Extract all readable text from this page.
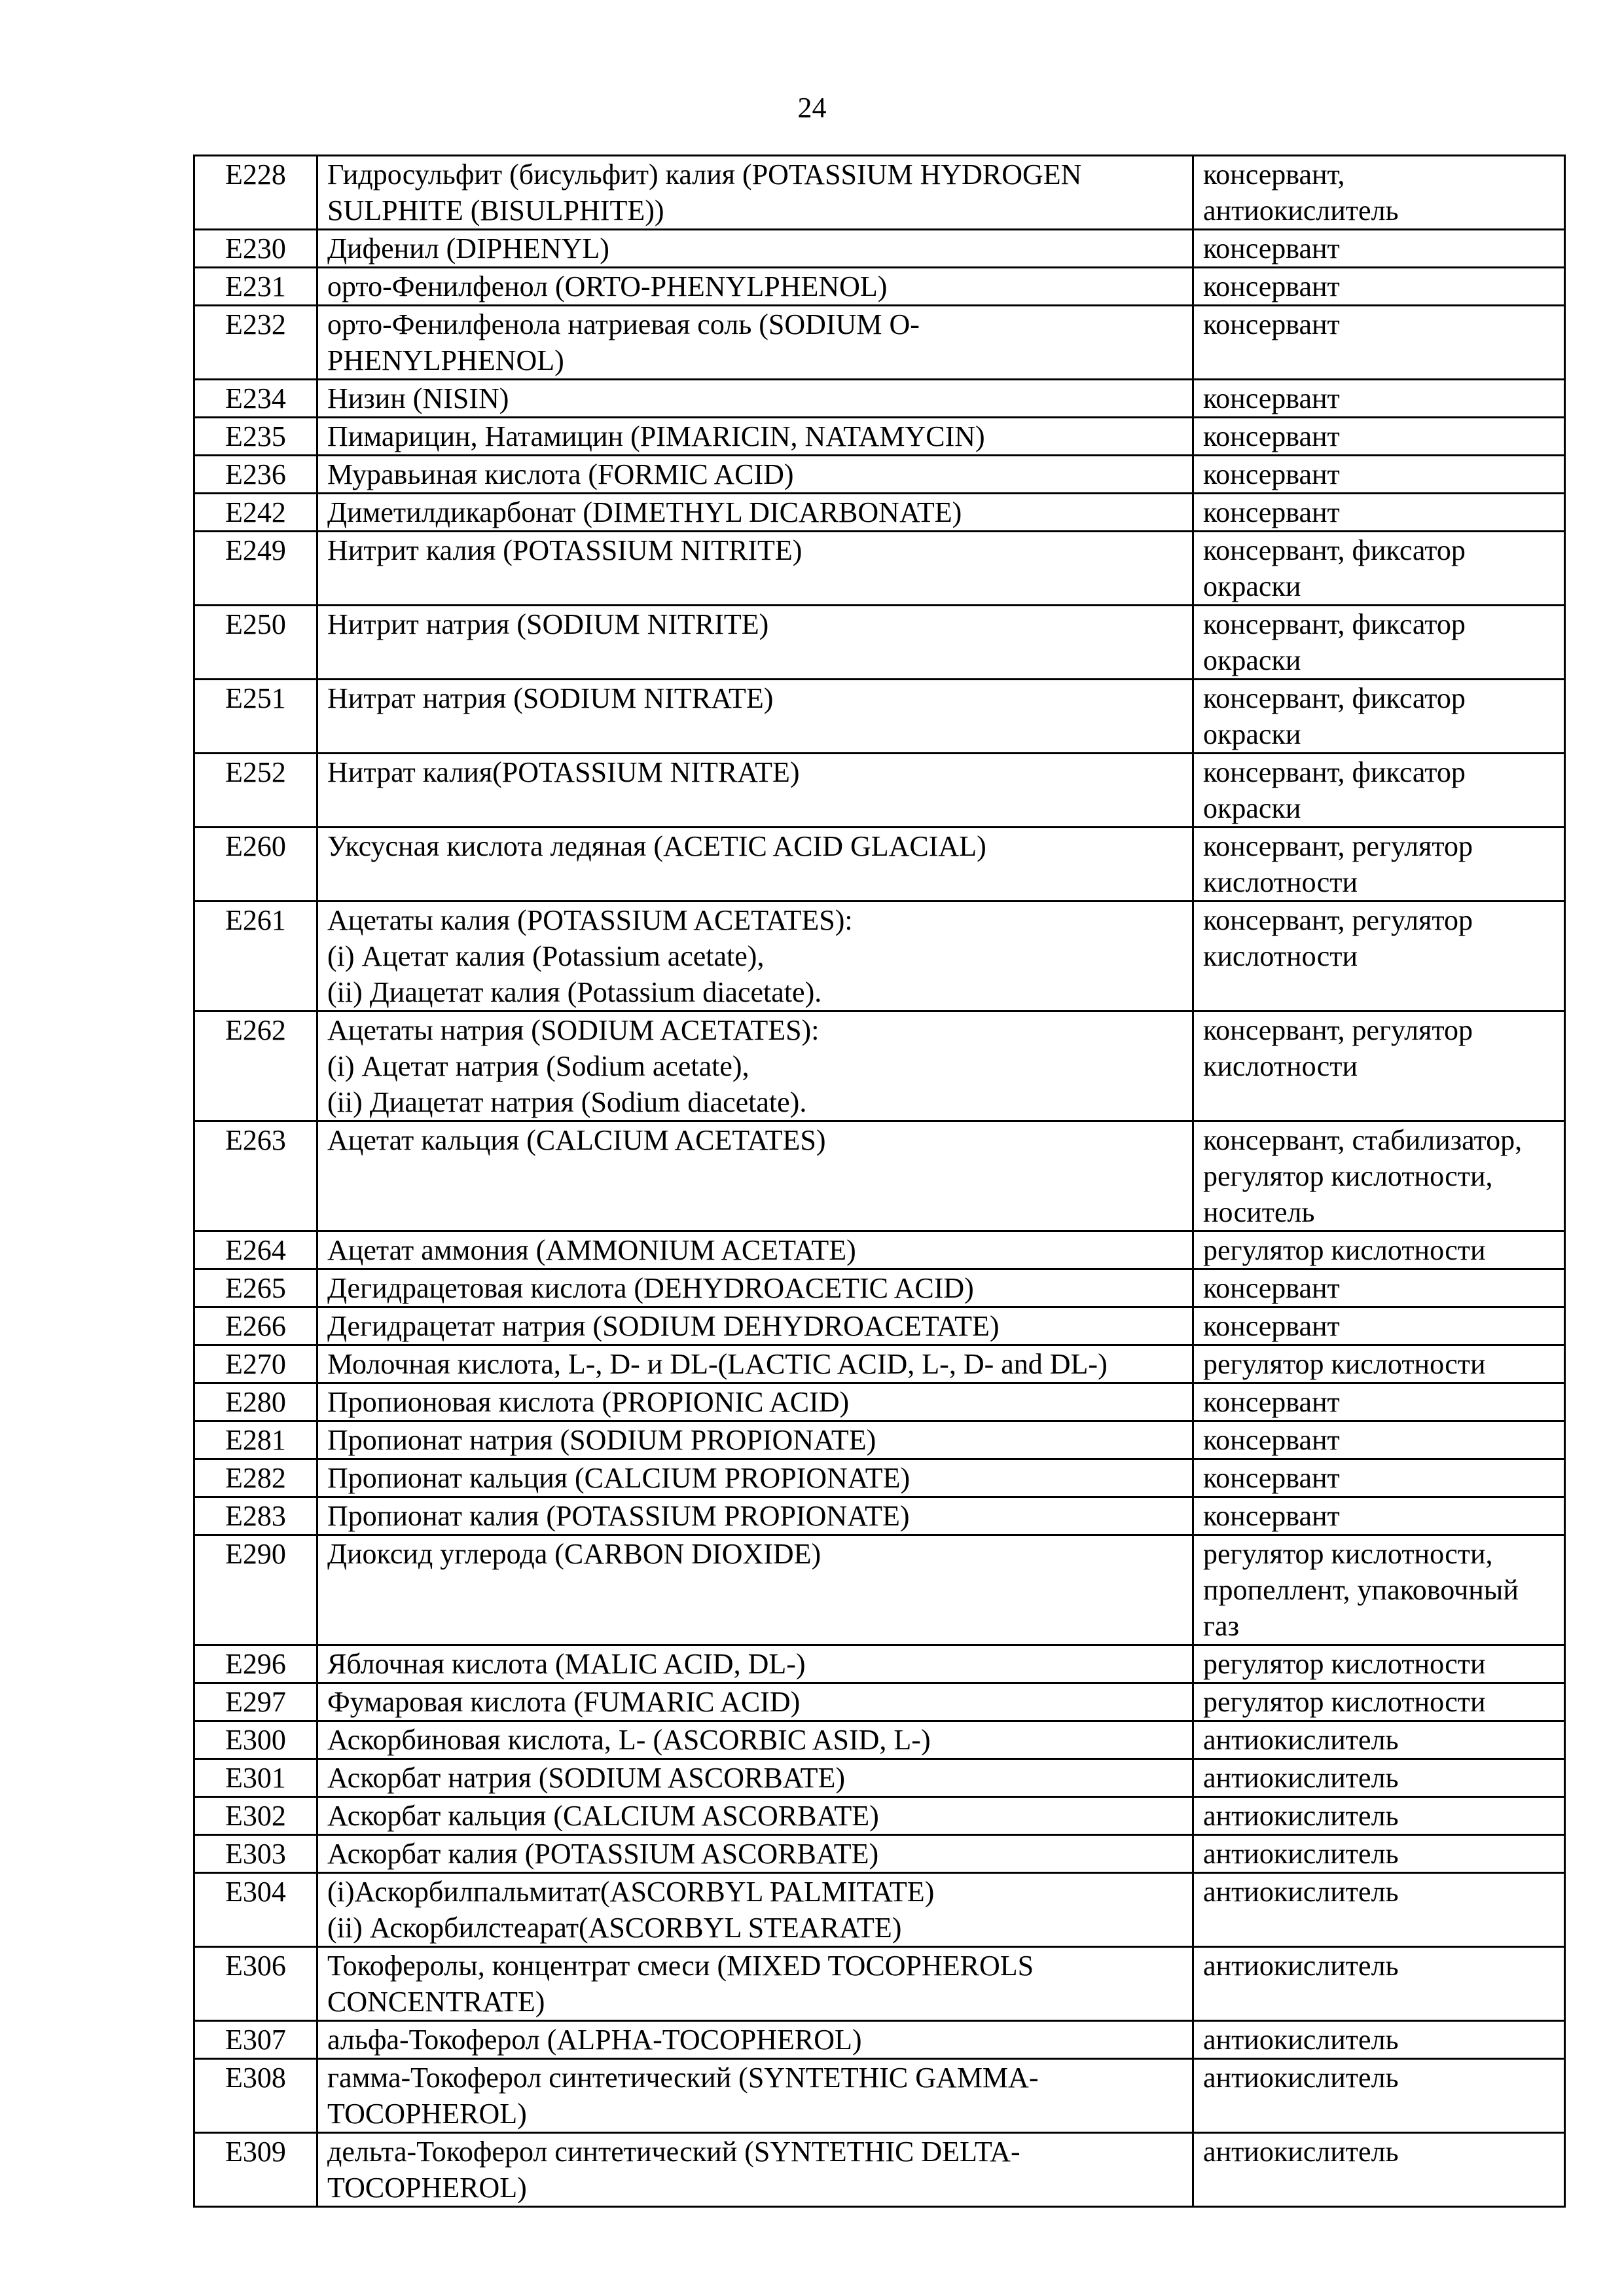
24
E228	Гидросульфит (бисульфит) калия (POTASSIUM HYDROGEN
SULPHITE (BISULPHITE))	консервант,
антиокислитель

E230	Дифенил (DIPHENYL)	консервант

E231	орто-Фенилфенол (ORTO-PHENYLPHENOL)	консервант

E232	орто-Фенилфенола натриевая соль (SODIUM O-
PHENYLPHENOL)	консервант

E234	Низин (NISIN)	консервант

E235	Пимарицин, Натамицин (PIMARICIN, NATAMYCIN)	консервант

E236	Муравьиная кислота (FORMIC ACID)	консервант

E242	Диметилдикарбонат (DIMETHYL DICARBONATE)	консервант

E249	Нитрит калия (POTASSIUM NITRITE)	консервант, фиксатор
окраски

E250	Нитрит натрия (SODIUM NITRITE)	консервант, фиксатор
окраски

E251	Нитрат натрия (SODIUM NITRATE)	консервант, фиксатор
окраски

E252	Нитрат калия(POTASSIUM NITRATE)	консервант, фиксатор
окраски

E260	Уксусная кислота ледяная (ACETIC ACID GLACIAL)	консервант, регулятор
кислотности

E261	Ацетаты калия (POTASSIUM ACETATES):
(i) Ацетат калия (Potassium acetate),
(ii) Диацетат калия (Potassium diacetate).	консервант, регулятор
кислотности

E262	Ацетаты натрия (SODIUM ACETATES):
(i) Ацетат натрия (Sodium acetate),
(ii) Диацетат натрия (Sodium diacetate).	консервант, регулятор
кислотности

E263	Ацетат кальция (CALCIUM ACETATES)	консервант, стабилизатор,
регулятор кислотности,
носитель

E264	Ацетат аммония (AMMONIUM ACETATE)	регулятор кислотности

E265	Дегидрацетовая кислота (DEHYDROACETIC ACID)	консервант

E266	Дегидрацетат натрия (SODIUM DEHYDROACETATE)	консервант

E270	Молочная кислота, L-, D- и DL-(LACTIC ACID, L-, D- and DL-)	регулятор кислотности

E280	Пропионовая кислота (PROPIONIC ACID)	консервант

E281	Пропионат натрия (SODIUM PROPIONATE)	консервант

E282	Пропионат кальция (CALCIUM PROPIONATE)	консервант

E283	Пропионат калия (POTASSIUM PROPIONATE)	консервант

E290	Диоксид углерода (CARBON DIOXIDE)	регулятор кислотности,
пропеллент, упаковочный
газ

E296	Яблочная кислота (MALIC ACID, DL-)	регулятор кислотности

E297	Фумаровая кислота (FUMARIC ACID)	регулятор кислотности

E300	Аскорбиновая кислота, L- (ASCORBIC ASID, L-)	антиокислитель

E301	Аскорбат натрия (SODIUM ASCORBATE)	антиокислитель

E302	Аскорбат кальция (CALCIUM ASCORBATE)	антиокислитель

E303	Аскорбат калия (POTASSIUM ASCORBATE)	антиокислитель

E304	(i)Аскорбилпальмитат(ASCORBYL PALMITATE)
(ii) Аскорбилстеарат(ASCORBYL STEARATE)	антиокислитель

E306	Токоферолы, концентрат смеси (MIXED TOCOPHEROLS
CONCENTRATE)	антиокислитель

E307	альфа-Токоферол (ALPHA-TOCOPHEROL)	антиокислитель

E308	гамма-Токоферол синтетический (SYNTETHIC GAMMA-
TOCOPHEROL)	антиокислитель

E309	дельта-Токоферол синтетический (SYNTETHIC DELTA-
TOCOPHEROL)	антиокислитель
